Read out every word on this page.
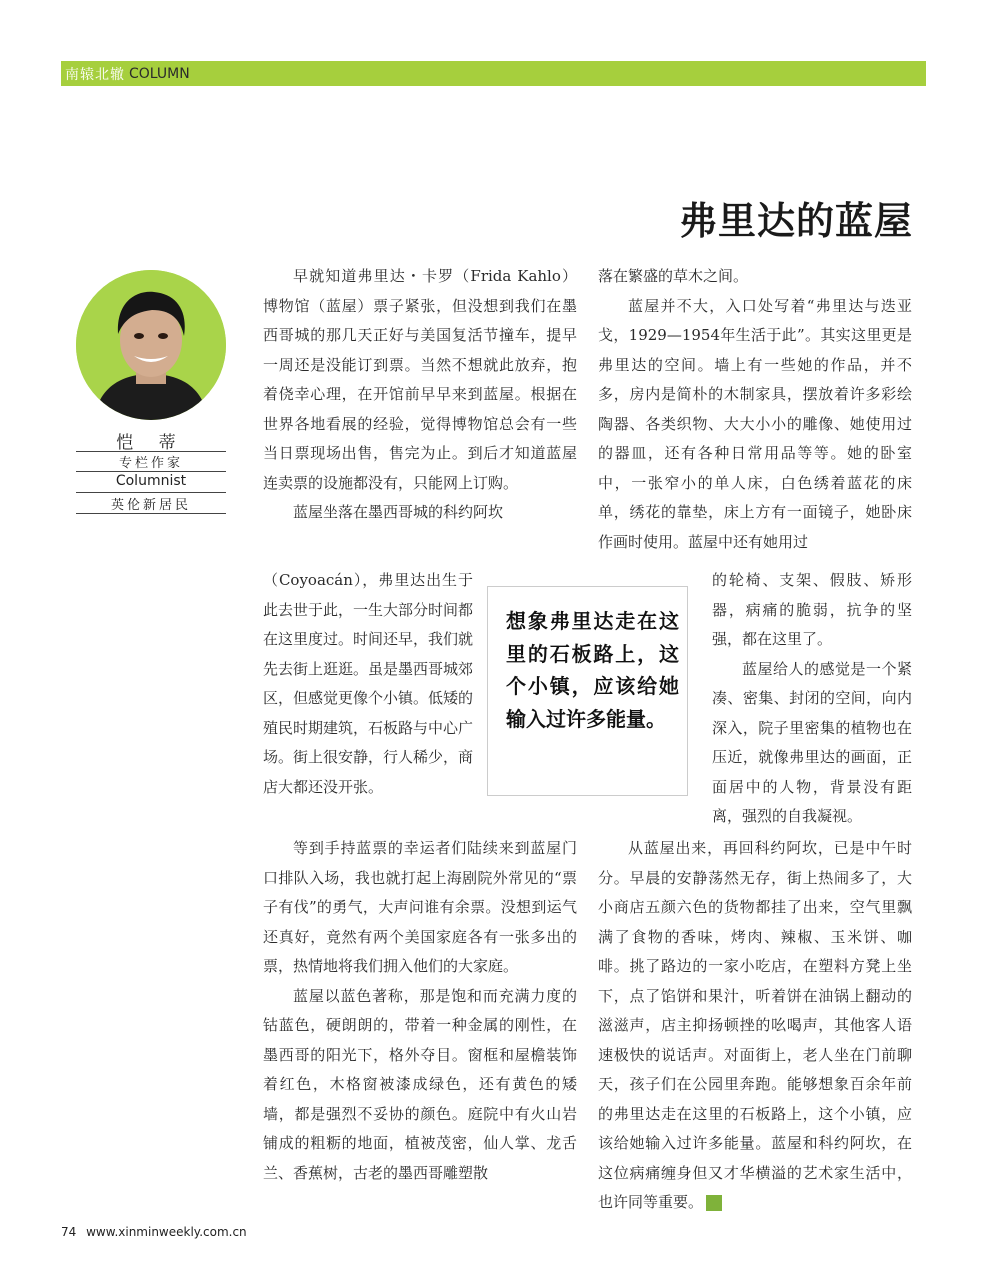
南辕北辙 COLUMN
弗里达的蓝屋
恺 蒂
专栏作家
Columnist
英伦新居民

早就知道弗里达・卡罗（Frida Kahlo）博物馆（蓝屋）票子紧张，但没想到我们在墨西哥城的那几天正好与美国复活节撞车，提早一周还是没能订到票。当然不想就此放弃，抱着侥幸心理，在开馆前早早来到蓝屋。根据在世界各地看展的经验，觉得博物馆总会有一些当日票现场出售，售完为止。到后才知道蓝屋连卖票的设施都没有，只能网上订购。

蓝屋坐落在墨西哥城的科约阿坎

（Coyoacán），弗里达出生于此去世于此，一生大部分时间都在这里度过。时间还早，我们就先去街上逛逛。虽是墨西哥城郊区，但感觉更像个小镇。低矮的殖民时期建筑，石板路与中心广场。街上很安静，行人稀少，商店大都还没开张。

等到手持蓝票的幸运者们陆续来到蓝屋门口排队入场，我也就打起上海剧院外常见的“票子有伐”的勇气，大声问谁有余票。没想到运气还真好，竟然有两个美国家庭各有一张多出的票，热情地将我们拥入他们的大家庭。

蓝屋以蓝色著称，那是饱和而充满力度的钴蓝色，硬朗朗的，带着一种金属的刚性，在墨西哥的阳光下，格外夺目。窗框和屋檐装饰着红色，木格窗被漆成绿色，还有黄色的矮墙，都是强烈不妥协的颜色。庭院中有火山岩铺成的粗粝的地面，植被茂密，仙人掌、龙舌兰、香蕉树，古老的墨西哥雕塑散

落在繁盛的草木之间。

蓝屋并不大，入口处写着“弗里达与迭亚戈，1929—1954年生活于此”。其实这里更是弗里达的空间。墙上有一些她的作品，并不多，房内是简朴的木制家具，摆放着许多彩绘陶器、各类织物、大大小小的雕像、她使用过的器皿，还有各种日常用品等等。她的卧室中，一张窄小的单人床，白色绣着蓝花的床单，绣花的靠垫，床上方有一面镜子，她卧床作画时使用。蓝屋中还有她用过

的轮椅、支架、假肢、矫形器，病痛的脆弱，抗争的坚强，都在这里了。

蓝屋给人的感觉是一个紧凑、密集、封闭的空间，向内深入，院子里密集的植物也在压近，就像弗里达的画面，正面居中的人物，背景没有距离，强烈的自我凝视。

从蓝屋出来，再回科约阿坎，已是中午时分。早晨的安静荡然无存，街上热闹多了，大小商店五颜六色的货物都挂了出来，空气里飘满了食物的香味，烤肉、辣椒、玉米饼、咖啡。挑了路边的一家小吃店，在塑料方凳上坐下，点了馅饼和果汁，听着饼在油锅上翻动的滋滋声，店主抑扬顿挫的吆喝声，其他客人语速极快的说话声。对面街上，老人坐在门前聊天，孩子们在公园里奔跑。能够想象百余年前的弗里达走在这里的石板路上，这个小镇，应该给她输入过许多能量。蓝屋和科约阿坎，在这位病痛缠身但又才华横溢的艺术家生活中，也许同等重要。	民

想象弗里达走在这里的石板路上，这个小镇，应该给她输入过许多能量。
74 www.xinminweekly.com.cn
